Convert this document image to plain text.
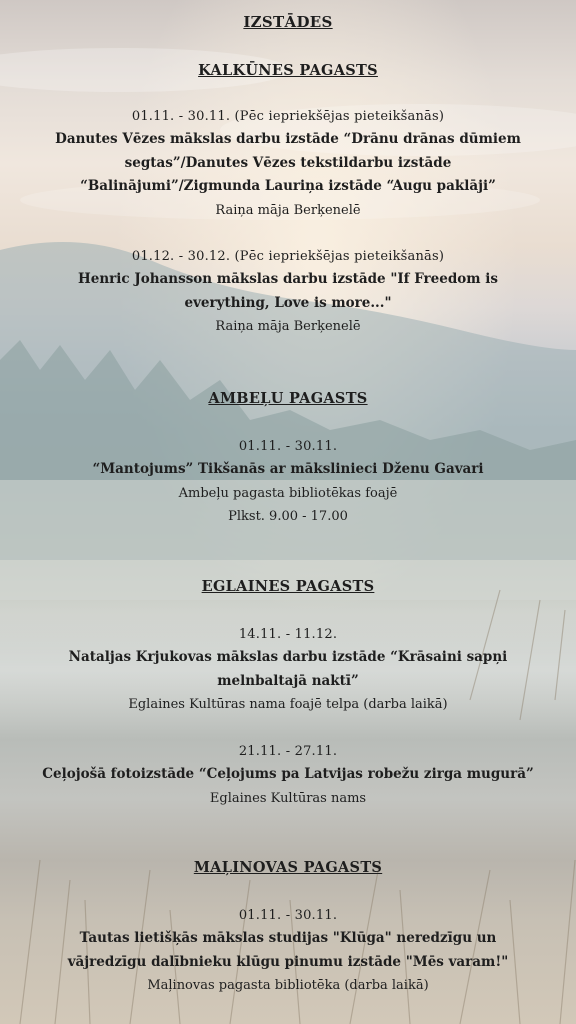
IZSTĀDES
KALKŪNES PAGASTS
01.11. - 30.11. (Pēc iepriekšējas pieteikšanās)
Danutes Vēzes mākslas darbu izstāde “Drānu drānas dūmiem segtas”/Danutes Vēzes tekstildarbu izstāde “Balinājumi”/Zigmunda Lauriņa izstāde “Augu paklāji”
Raiņa māja Berķenelē
01.12. - 30.12. (Pēc iepriekšējas pieteikšanās)
Henric Johansson mākslas darbu izstāde "If Freedom is everything, Love is more..."
Raiņa māja Berķenelē
AMBEĻU PAGASTS
01.11. - 30.11.
“Mantojums” Tikšanās ar mākslinieci Dženu Gavari
Ambeļu pagasta bibliotēkas foajē
Plkst. 9.00 - 17.00
EGLAINES PAGASTS
14.11. - 11.12.
Nataljas Krjukovas mākslas darbu izstāde “Krāsaini sapņi melnbaltajā naktī”
Eglaines Kultūras nama foajē telpa (darba laikā)
21.11. - 27.11.
Ceļojošā fotoizstāde “Ceļojums pa Latvijas robežu zirga mugurā”
Eglaines Kultūras nams
MAĻINOVAS PAGASTS
01.11. - 30.11.
Tautas lietišķās mākslas studijas "Klūga" neredzīgu un vājredzīgu dalībnieku klūgu pinumu izstāde "Mēs varam!"
Maļinovas pagasta bibliotēka (darba laikā)
